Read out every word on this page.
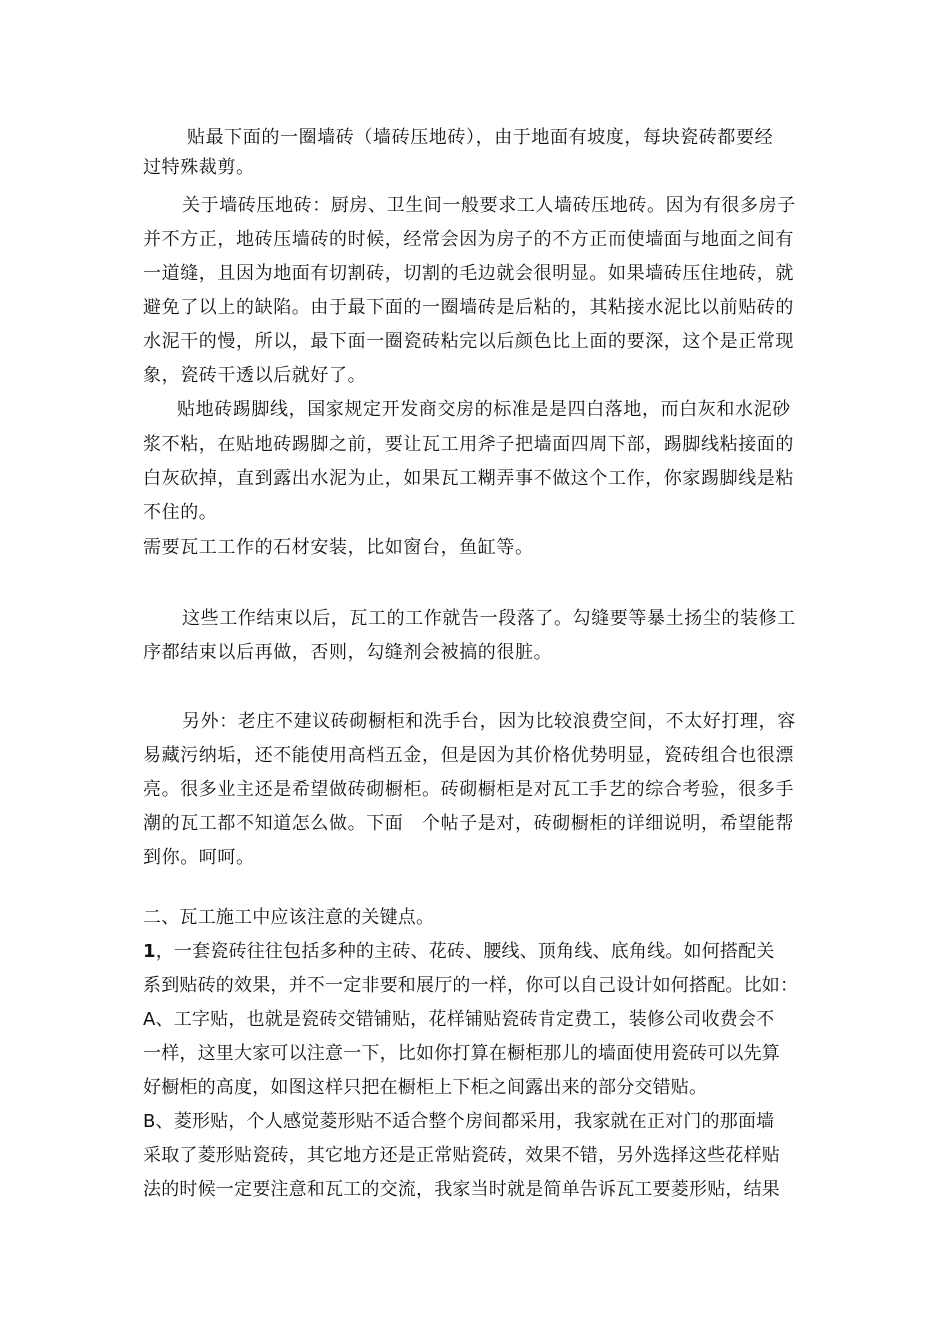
贴最下面的一圈墙砖（墙砖压地砖），由于地面有坡度，每块瓷砖都要经
过特殊裁剪。
关于墙砖压地砖：厨房、卫生间一般要求工人墙砖压地砖。因为有很多房子
并不方正，地砖压墙砖的时候，经常会因为房子的不方正而使墙面与地面之间有
一道缝，且因为地面有切割砖，切割的毛边就会很明显。如果墙砖压住地砖，就
避免了以上的缺陷。由于最下面的一圈墙砖是后粘的，其粘接水泥比以前贴砖的
水泥干的慢，所以，最下面一圈瓷砖粘完以后颜色比上面的要深，这个是正常现
象，瓷砖干透以后就好了。
贴地砖踢脚线，国家规定开发商交房的标准是是四白落地，而白灰和水泥砂
浆不粘，在贴地砖踢脚之前，要让瓦工用斧子把墙面四周下部，踢脚线粘接面的
白灰砍掉，直到露出水泥为止，如果瓦工糊弄事不做这个工作，你家踢脚线是粘
不住的。
需要瓦工工作的石材安装，比如窗台，鱼缸等。
这些工作结束以后，瓦工的工作就告一段落了。勾缝要等暴土扬尘的装修工
序都结束以后再做，否则，勾缝剂会被搞的很脏。
另外：老庄不建议砖砌橱柜和洗手台，因为比较浪费空间，不太好打理，容
易藏污纳垢，还不能使用高档五金，但是因为其价格优势明显，瓷砖组合也很漂
亮。很多业主还是希望做砖砌橱柜。砖砌橱柜是对瓦工手艺的综合考验，很多手
潮的瓦工都不知道怎么做。下面　个帖子是对，砖砌橱柜的详细说明，希望能帮
到你。呵呵。
二、瓦工施工中应该注意的关键点。
1，一套瓷砖往往包括多种的主砖、花砖、腰线、顶角线、底角线。如何搭配关
系到贴砖的效果，并不一定非要和展厅的一样，你可以自己设计如何搭配。比如：
A、工字贴，也就是瓷砖交错铺贴，花样铺贴瓷砖肯定费工，装修公司收费会不
一样，这里大家可以注意一下，比如你打算在橱柜那儿的墙面使用瓷砖可以先算
好橱柜的高度，如图这样只把在橱柜上下柜之间露出来的部分交错贴。
B、菱形贴，个人感觉菱形贴不适合整个房间都采用，我家就在正对门的那面墙
采取了菱形贴瓷砖，其它地方还是正常贴瓷砖，效果不错，另外选择这些花样贴
法的时候一定要注意和瓦工的交流，我家当时就是简单告诉瓦工要菱形贴，结果
